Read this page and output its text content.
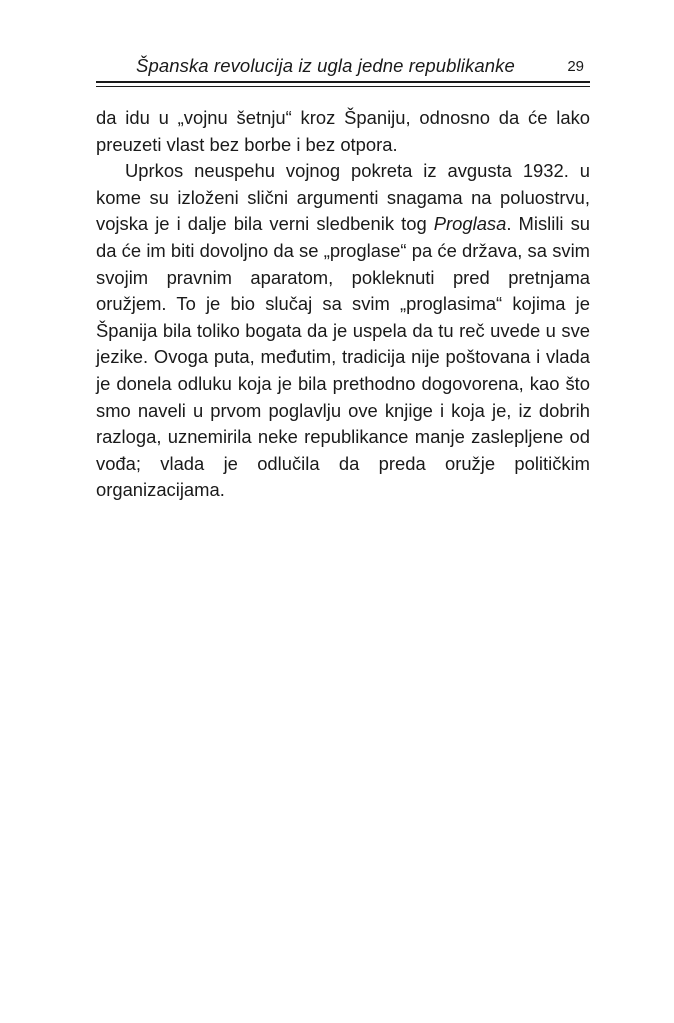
Španska revolucija iz ugla jedne republikanke	29

da idu u „vojnu šetnju“ kroz Španiju, odnosno da će lako preuzeti vlast bez borbe i bez otpora.

Uprkos neuspehu vojnog pokreta iz avgusta 1932. u kome su izloženi slični argumenti snagama na poluostrvu, vojska je i dalje bila verni sledbenik tog Proglasa. Mislili su da će im biti dovoljno da se „proglase“ pa će država, sa svim svojim pravnim aparatom, pokleknuti pred pretnjama oružjem. To je bio slučaj sa svim „proglasima“ kojima je Španija bila toliko bogata da je uspela da tu reč uvede u sve jezike. Ovoga puta, međutim, tradicija nije poštovana i vlada je donela odluku koja je bila prethodno dogovorena, kao što smo naveli u prvom poglavlju ove knjige i koja je, iz dobrih razloga, uznemirila neke republikance manje zaslepljene od vođa; vlada je odlučila da preda oružje političkim organizacijama.
